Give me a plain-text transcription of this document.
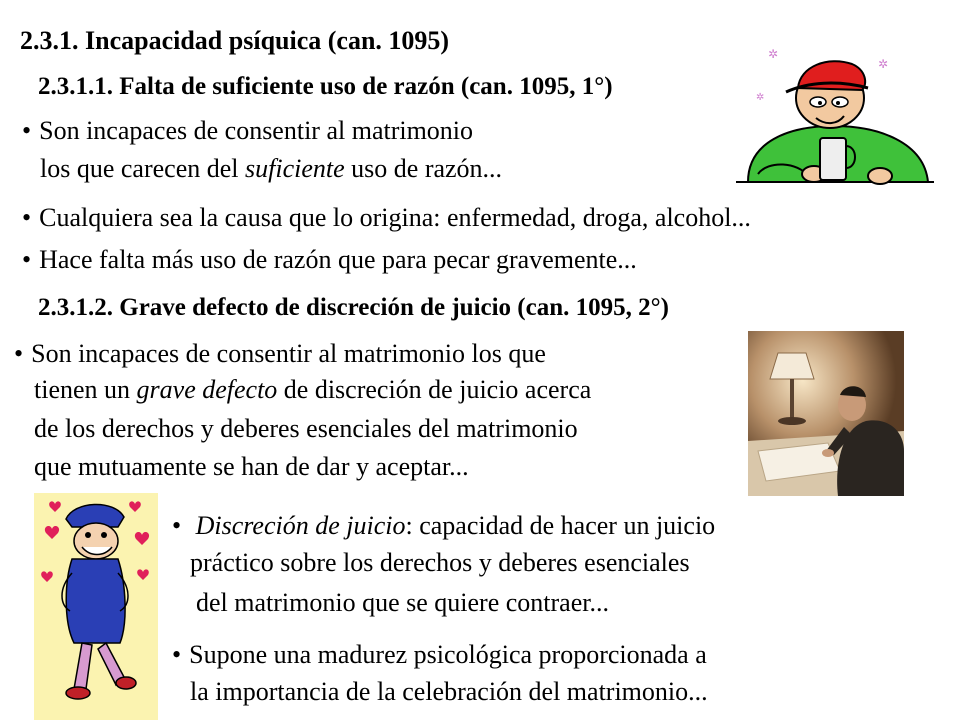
2.3.1. Incapacidad psíquica (can. 1095)
2.3.1.1. Falta de suficiente uso de razón (can. 1095, 1°)
• Son incapaces de consentir al matrimonio
los que carecen del suficiente uso de razón...
• Cualquiera sea la causa que lo origina: enfermedad, droga, alcohol...
• Hace falta más uso de razón que para pecar gravemente...
2.3.1.2. Grave defecto de discreción de juicio (can. 1095, 2°)
• Son incapaces de consentir al matrimonio los que
tienen un grave defecto de discreción de juicio acerca
de los derechos y deberes esenciales del matrimonio
que mutuamente se han de dar y aceptar...
• Discreción de juicio: capacidad de hacer un juicio
práctico sobre los derechos y deberes esenciales
del matrimonio que se quiere contraer...
• Supone una madurez psicológica proporcionada a
la importancia de la celebración del matrimonio...
✲
✲
✲
